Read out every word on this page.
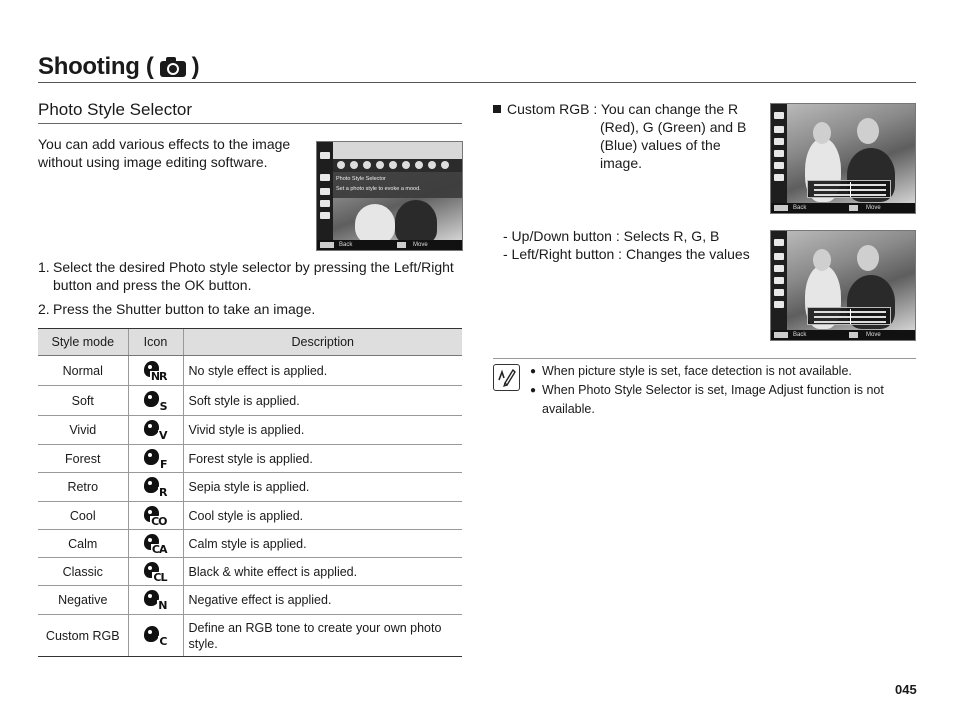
Shooting ( )
Photo Style Selector
You can add various effects to the image without using image editing software.
Photo Style Selector
Set a photo style to evoke a mood.
Back	Move
1. Select the desired Photo style selector by pressing the Left/Right button and press the OK button.
2. Press the Shutter button to take an image.
Style mode	Icon	Description
Normal	NR	No style effect is applied.
Soft	S	Soft style is applied.
Vivid	V	Vivid style is applied.
Forest	F	Forest style is applied.
Retro	R	Sepia style is applied.
Cool	CO	Cool style is applied.
Calm	CA	Calm style is applied.
Classic	CL	Black & white effect is applied.
Negative	N	Negative effect is applied.
Custom RGB	C	Define an RGB tone to create your own photo style.
Custom RGB : You can change the R
(Red), G (Green) and B (Blue) values of the image.
- Up/Down button : Selects R, G, B
- Left/Right button : Changes the values
Back	Move
Back	Move
● When picture style is set, face detection is not available.
● When Photo Style Selector is set, Image Adjust function is not available.
045
